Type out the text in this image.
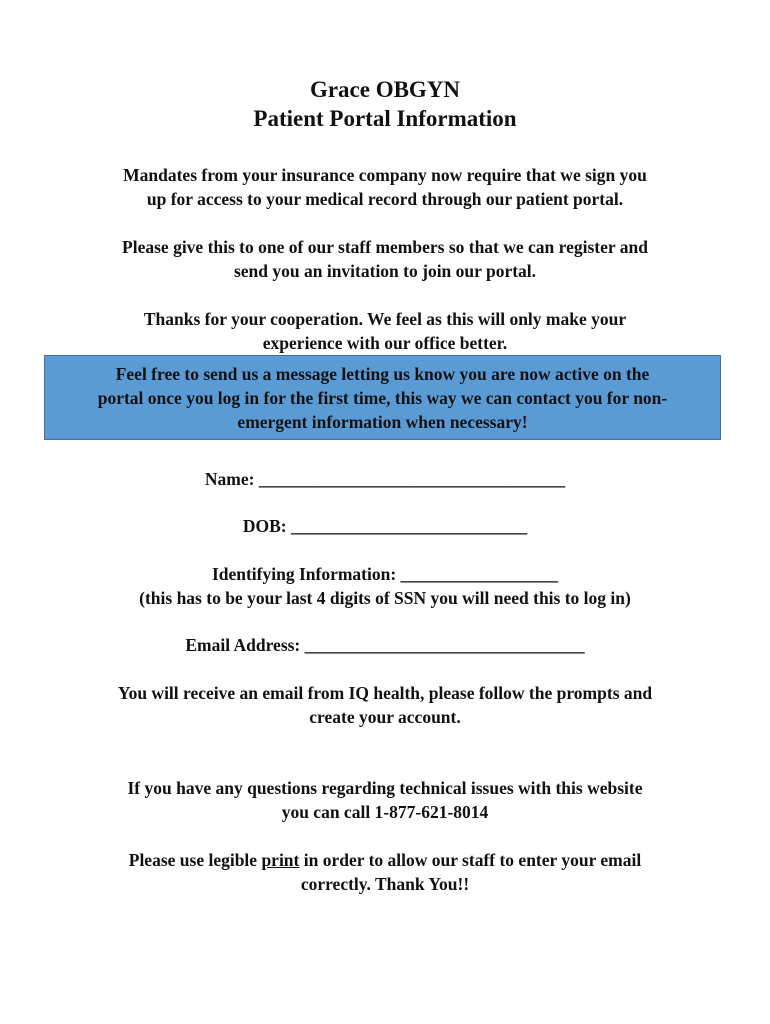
Grace OBGYN
Patient Portal Information
Mandates from your insurance company now require that we sign you
up for access to your medical record through our patient portal.
Please give this to one of our staff members so that we can register and
send you an invitation to join our portal.
Thanks for your cooperation. We feel as this will only make your
experience with our office better.
Feel free to send us a message letting us know you are now active on the
portal once you log in for the first time, this way we can contact you for non-
emergent information when necessary!
Name: ___________________________________
DOB: ___________________________
Identifying Information: __________________
(this has to be your last 4 digits of SSN you will need this to log in)
Email Address: ________________________________
You will receive an email from IQ health, please follow the prompts and
create your account.
If you have any questions regarding technical issues with this website
you can call 1-877-621-8014
Please use legible print in order to allow our staff to enter your email
correctly. Thank You!!
